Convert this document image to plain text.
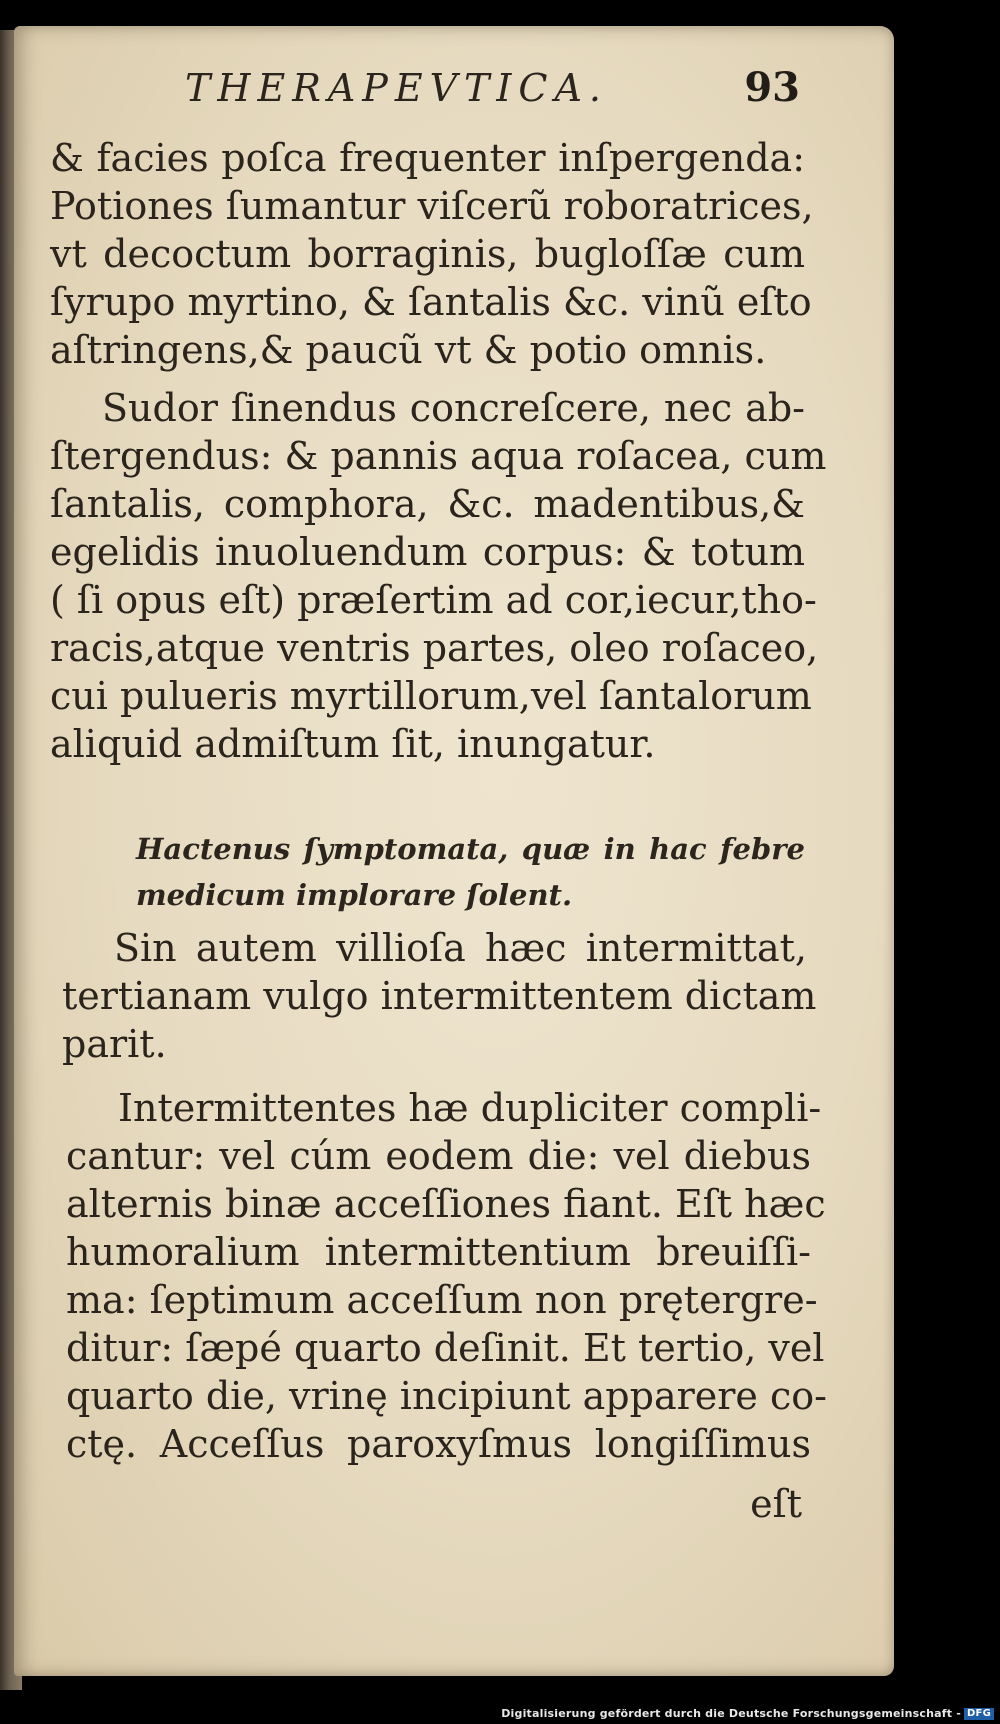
THERAPEVTICA.	93

& facies poſca frequenter inſpergenda:

Potiones ſumantur viſcerũ roboratrices,

vt decoctum borraginis, bugloſſæ cum

ſyrupo myrtino, & ſantalis &c. vinũ eſto

aſtringens,& paucũ vt & potio omnis.

Sudor ſinendus concreſcere, nec ab-

ſtergendus: & pannis aqua roſacea, cum

ſantalis, comphora, &c. madentibus,&

egelidis inuoluendum corpus: & totum

( ſi opus eſt) præſertim ad cor,iecur,tho-

racis,atque ventris partes, oleo roſaceo,

cui pulueris myrtillorum,vel ſantalorum

aliquid admiſtum ſit, inungatur.

Hactenus ſymptomata, quæ in hac febre

medicum implorare ſolent.

Sin autem villioſa hæc intermittat,

tertianam vulgo intermittentem dictam

parit.

Intermittentes hæ dupliciter compli-

cantur: vel cúm eodem die: vel diebus

alternis binæ acceſſiones fiant. Eſt hæc

humoralium intermittentium breuiſſi-

ma: ſeptimum acceſſum non prętergre-

ditur: ſæpé quarto deſinit. Et tertio, vel

quarto die, vrinę incipiunt apparere co-

ctę. Acceſſus paroxyſmus longiſſimus

eſt
Digitalisierung gefördert durch die Deutsche Forschungsgemeinschaft - DFG
